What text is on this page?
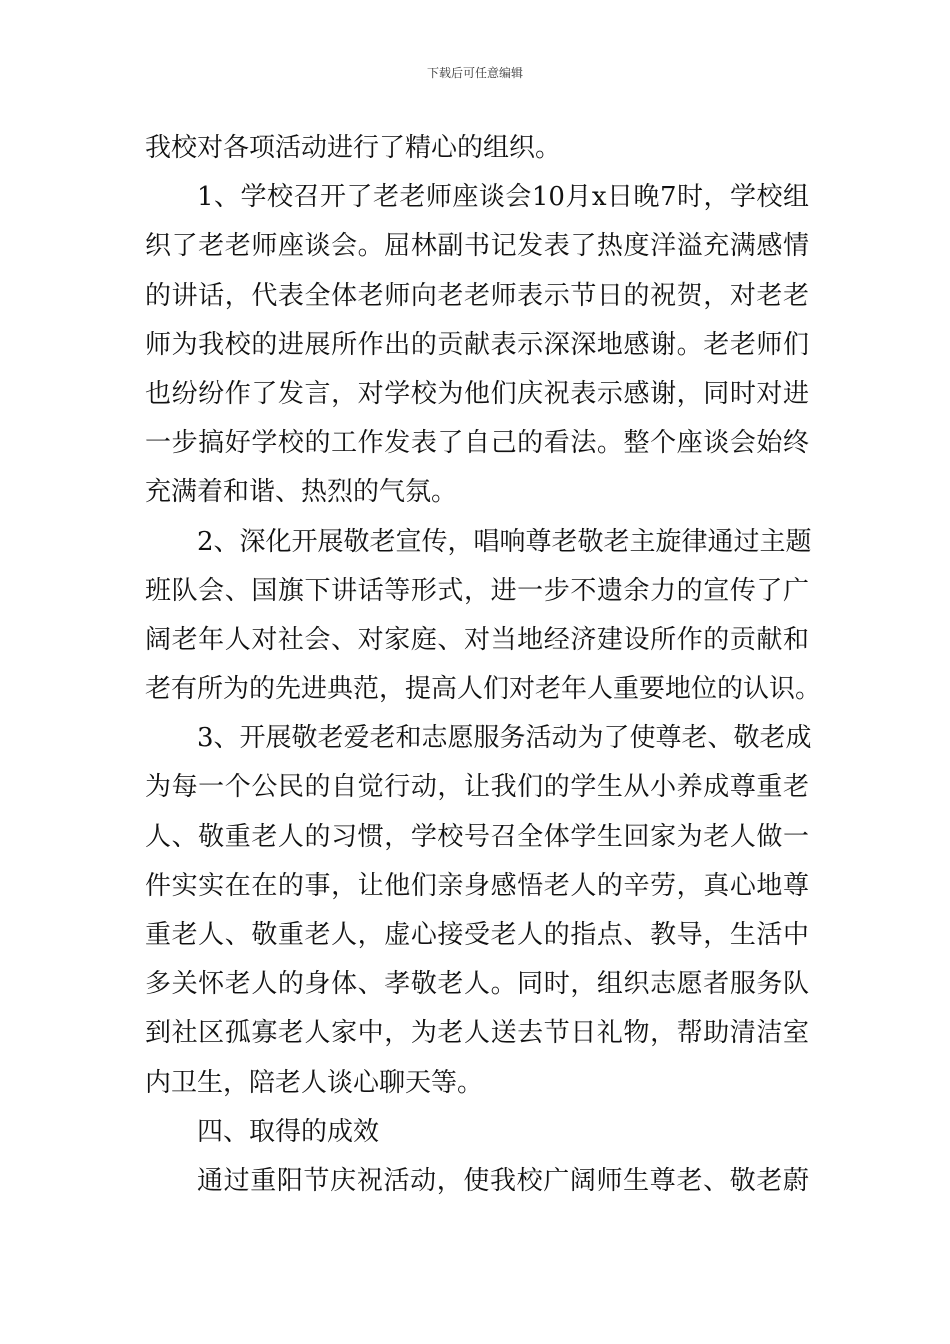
下载后可任意编辑
我校对各项活动进行了精心的组织。
1、学校召开了老老师座谈会10月x日晚7时，学校组
织了老老师座谈会。屈林副书记发表了热度洋溢充满感情
的讲话，代表全体老师向老老师表示节日的祝贺，对老老
师为我校的进展所作出的贡献表示深深地感谢。老老师们
也纷纷作了发言，对学校为他们庆祝表示感谢，同时对进
一步搞好学校的工作发表了自己的看法。整个座谈会始终
充满着和谐、热烈的气氛。
2、深化开展敬老宣传，唱响尊老敬老主旋律通过主题
班队会、国旗下讲话等形式，进一步不遗余力的宣传了广
阔老年人对社会、对家庭、对当地经济建设所作的贡献和
老有所为的先进典范，提高人们对老年人重要地位的认识。
3、开展敬老爱老和志愿服务活动为了使尊老、敬老成
为每一个公民的自觉行动，让我们的学生从小养成尊重老
人、敬重老人的习惯，学校号召全体学生回家为老人做一
件实实在在的事，让他们亲身感悟老人的辛劳，真心地尊
重老人、敬重老人，虚心接受老人的指点、教导，生活中
多关怀老人的身体、孝敬老人。同时，组织志愿者服务队
到社区孤寡老人家中，为老人送去节日礼物，帮助清洁室
内卫生，陪老人谈心聊天等。
四、取得的成效
通过重阳节庆祝活动，使我校广阔师生尊老、敬老蔚
